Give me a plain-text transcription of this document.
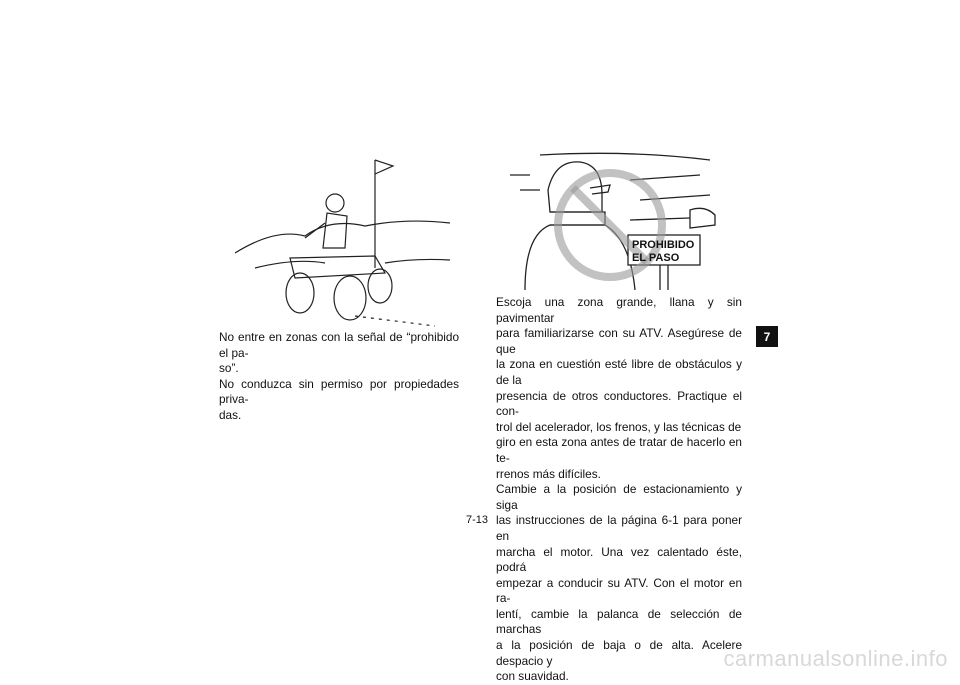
PROHIBIDO
EL PASO
No entre en zonas con la señal de “prohibido el pa-
so”.
No conduzca sin permiso por propiedades priva-
das.
Escoja una zona grande, llana y sin pavimentar
para familiarizarse con su ATV. Asegúrese de que
la zona en cuestión esté libre de obstáculos y de la
presencia de otros conductores. Practique el con-
trol del acelerador, los frenos, y las técnicas de
giro en esta zona antes de tratar de hacerlo en te-
rrenos más difíciles.
Cambie a la posición de estacionamiento y siga
las instrucciones de la página 6-1 para poner en
marcha el motor. Una vez calentado éste, podrá
empezar a conducir su ATV. Con el motor en ra-
lentí, cambie la palanca de selección de marchas
a la posición de baja o de alta. Acelere despacio y
con suavidad.
7
7-13
carmanualsonline.info
